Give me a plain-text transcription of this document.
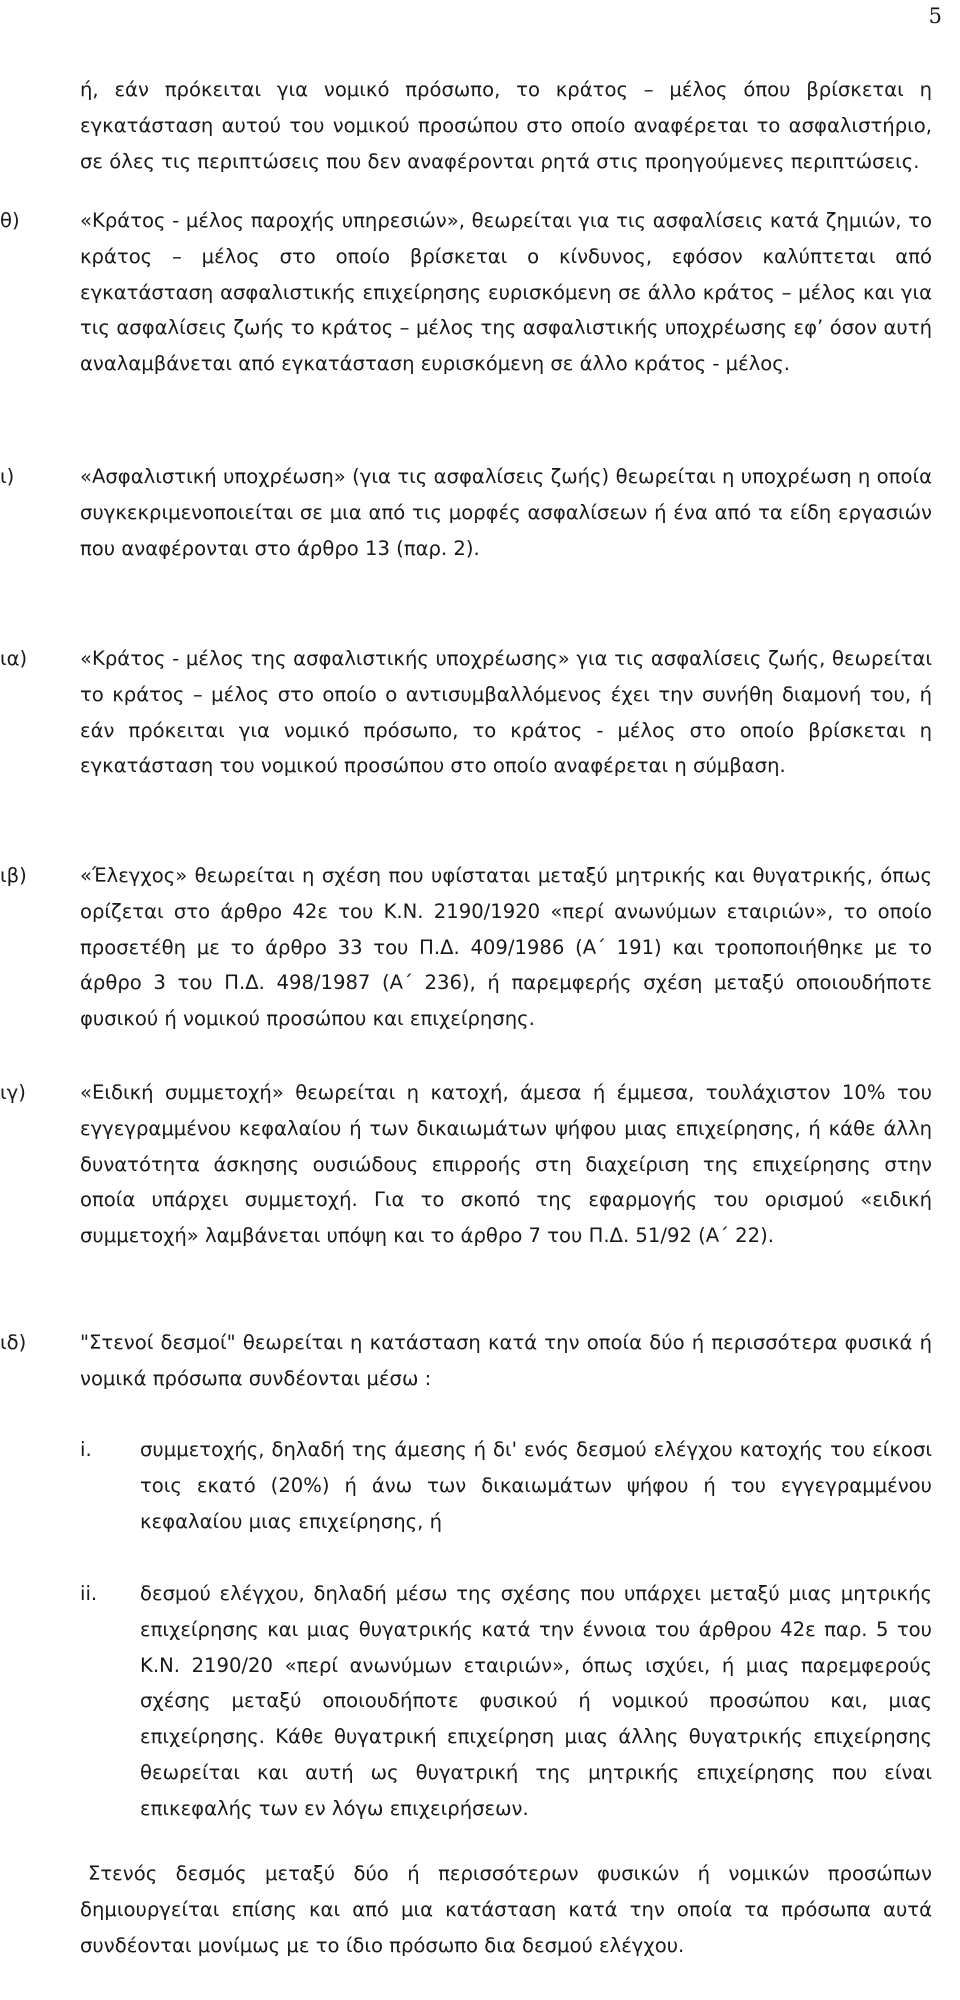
5

ή, εάν πρόκειται για νομικό πρόσωπο, το κράτος – μέλος όπου βρίσκεται η εγκατάσταση αυτού του νομικού προσώπου στο οποίο αναφέρεται το ασφαλιστήριο, σε όλες τις περιπτώσεις που δεν αναφέρονται ρητά στις προηγούμενες περιπτώσεις.

θ)	«Κράτος - μέλος παροχής υπηρεσιών», θεωρείται για τις ασφαλίσεις κατά ζημιών, το κράτος – μέλος στο οποίο βρίσκεται ο κίνδυνος, εφόσον καλύπτεται από εγκατάσταση ασφαλιστικής επιχείρησης ευρισκόμενη σε άλλο κράτος – μέλος και για τις ασφαλίσεις ζωής το κράτος – μέλος της ασφαλιστικής υποχρέωσης εφ’ όσον αυτή αναλαμβάνεται από εγκατάσταση ευρισκόμενη σε άλλο κράτος - μέλος.

ι)	«Ασφαλιστική υποχρέωση» (για τις ασφαλίσεις ζωής) θεωρείται η υποχρέωση η οποία συγκεκριμενοποιείται σε μια από τις μορφές ασφαλίσεων ή ένα από τα είδη εργασιών που αναφέρονται στο άρθρο 13 (παρ. 2).

ια)	«Κράτος - μέλος της ασφαλιστικής υποχρέωσης» για τις ασφαλίσεις ζωής, θεωρείται το κράτος – μέλος στο οποίο ο αντισυμβαλλόμενος έχει την συνήθη διαμονή του, ή εάν πρόκειται για νομικό πρόσωπο, το κράτος - μέλος στο οποίο βρίσκεται η εγκατάσταση του νομικού προσώπου στο οποίο αναφέρεται η σύμβαση.

ιβ)	«Έλεγχος» θεωρείται η σχέση που υφίσταται μεταξύ μητρικής και θυγατρικής, όπως ορίζεται στο άρθρο 42ε του Κ.Ν. 2190/1920 «περί ανωνύμων εταιριών», το οποίο προσετέθη με το άρθρο 33 του Π.Δ. 409/1986 (Α΄ 191) και τροποποιήθηκε με το άρθρο 3 του Π.Δ. 498/1987 (Α΄ 236), ή παρεμφερής σχέση μεταξύ οποιουδήποτε φυσικού ή νομικού προσώπου και επιχείρησης.

ιγ)	«Ειδική συμμετοχή» θεωρείται η κατοχή, άμεσα ή έμμεσα, τουλάχιστον 10% του εγγεγραμμένου κεφαλαίου ή των δικαιωμάτων ψήφου μιας επιχείρησης, ή κάθε άλλη δυνατότητα άσκησης ουσιώδους επιρροής στη διαχείριση της επιχείρησης στην οποία υπάρχει συμμετοχή. Για το σκοπό της εφαρμογής του ορισμού «ειδική συμμετοχή» λαμβάνεται υπόψη και το άρθρο 7 του Π.Δ. 51/92 (Α΄ 22).

ιδ)	"Στενοί δεσμοί" θεωρείται η κατάσταση κατά την οποία δύο ή περισσότερα φυσικά ή νομικά πρόσωπα συνδέονται μέσω :

i. συμμετοχής, δηλαδή της άμεσης ή δι' ενός δεσμού ελέγχου κατοχής του είκοσι τοις εκατό (20%) ή άνω των δικαιωμάτων ψήφου ή του εγγεγραμμένου κεφαλαίου μιας επιχείρησης, ή

ii. δεσμού ελέγχου, δηλαδή μέσω της σχέσης που υπάρχει μεταξύ μιας μητρικής επιχείρησης και μιας θυγατρικής κατά την έννοια του άρθρου 42ε παρ. 5 του Κ.Ν. 2190/20 «περί ανωνύμων εταιριών», όπως ισχύει, ή μιας παρεμφερούς σχέσης μεταξύ οποιουδήποτε φυσικού ή νομικού προσώπου και, μιας επιχείρησης. Κάθε θυγατρική επιχείρηση μιας άλλης θυγατρικής επιχείρησης θεωρείται και αυτή ως θυγατρική της μητρικής επιχείρησης που είναι επικεφαλής των εν λόγω επιχειρήσεων.

Στενός δεσμός μεταξύ δύο ή περισσότερων φυσικών ή νομικών προσώπων δημιουργείται επίσης και από μια κατάσταση κατά την οποία τα πρόσωπα αυτά συνδέονται μονίμως με το ίδιο πρόσωπο δια δεσμού ελέγχου.
